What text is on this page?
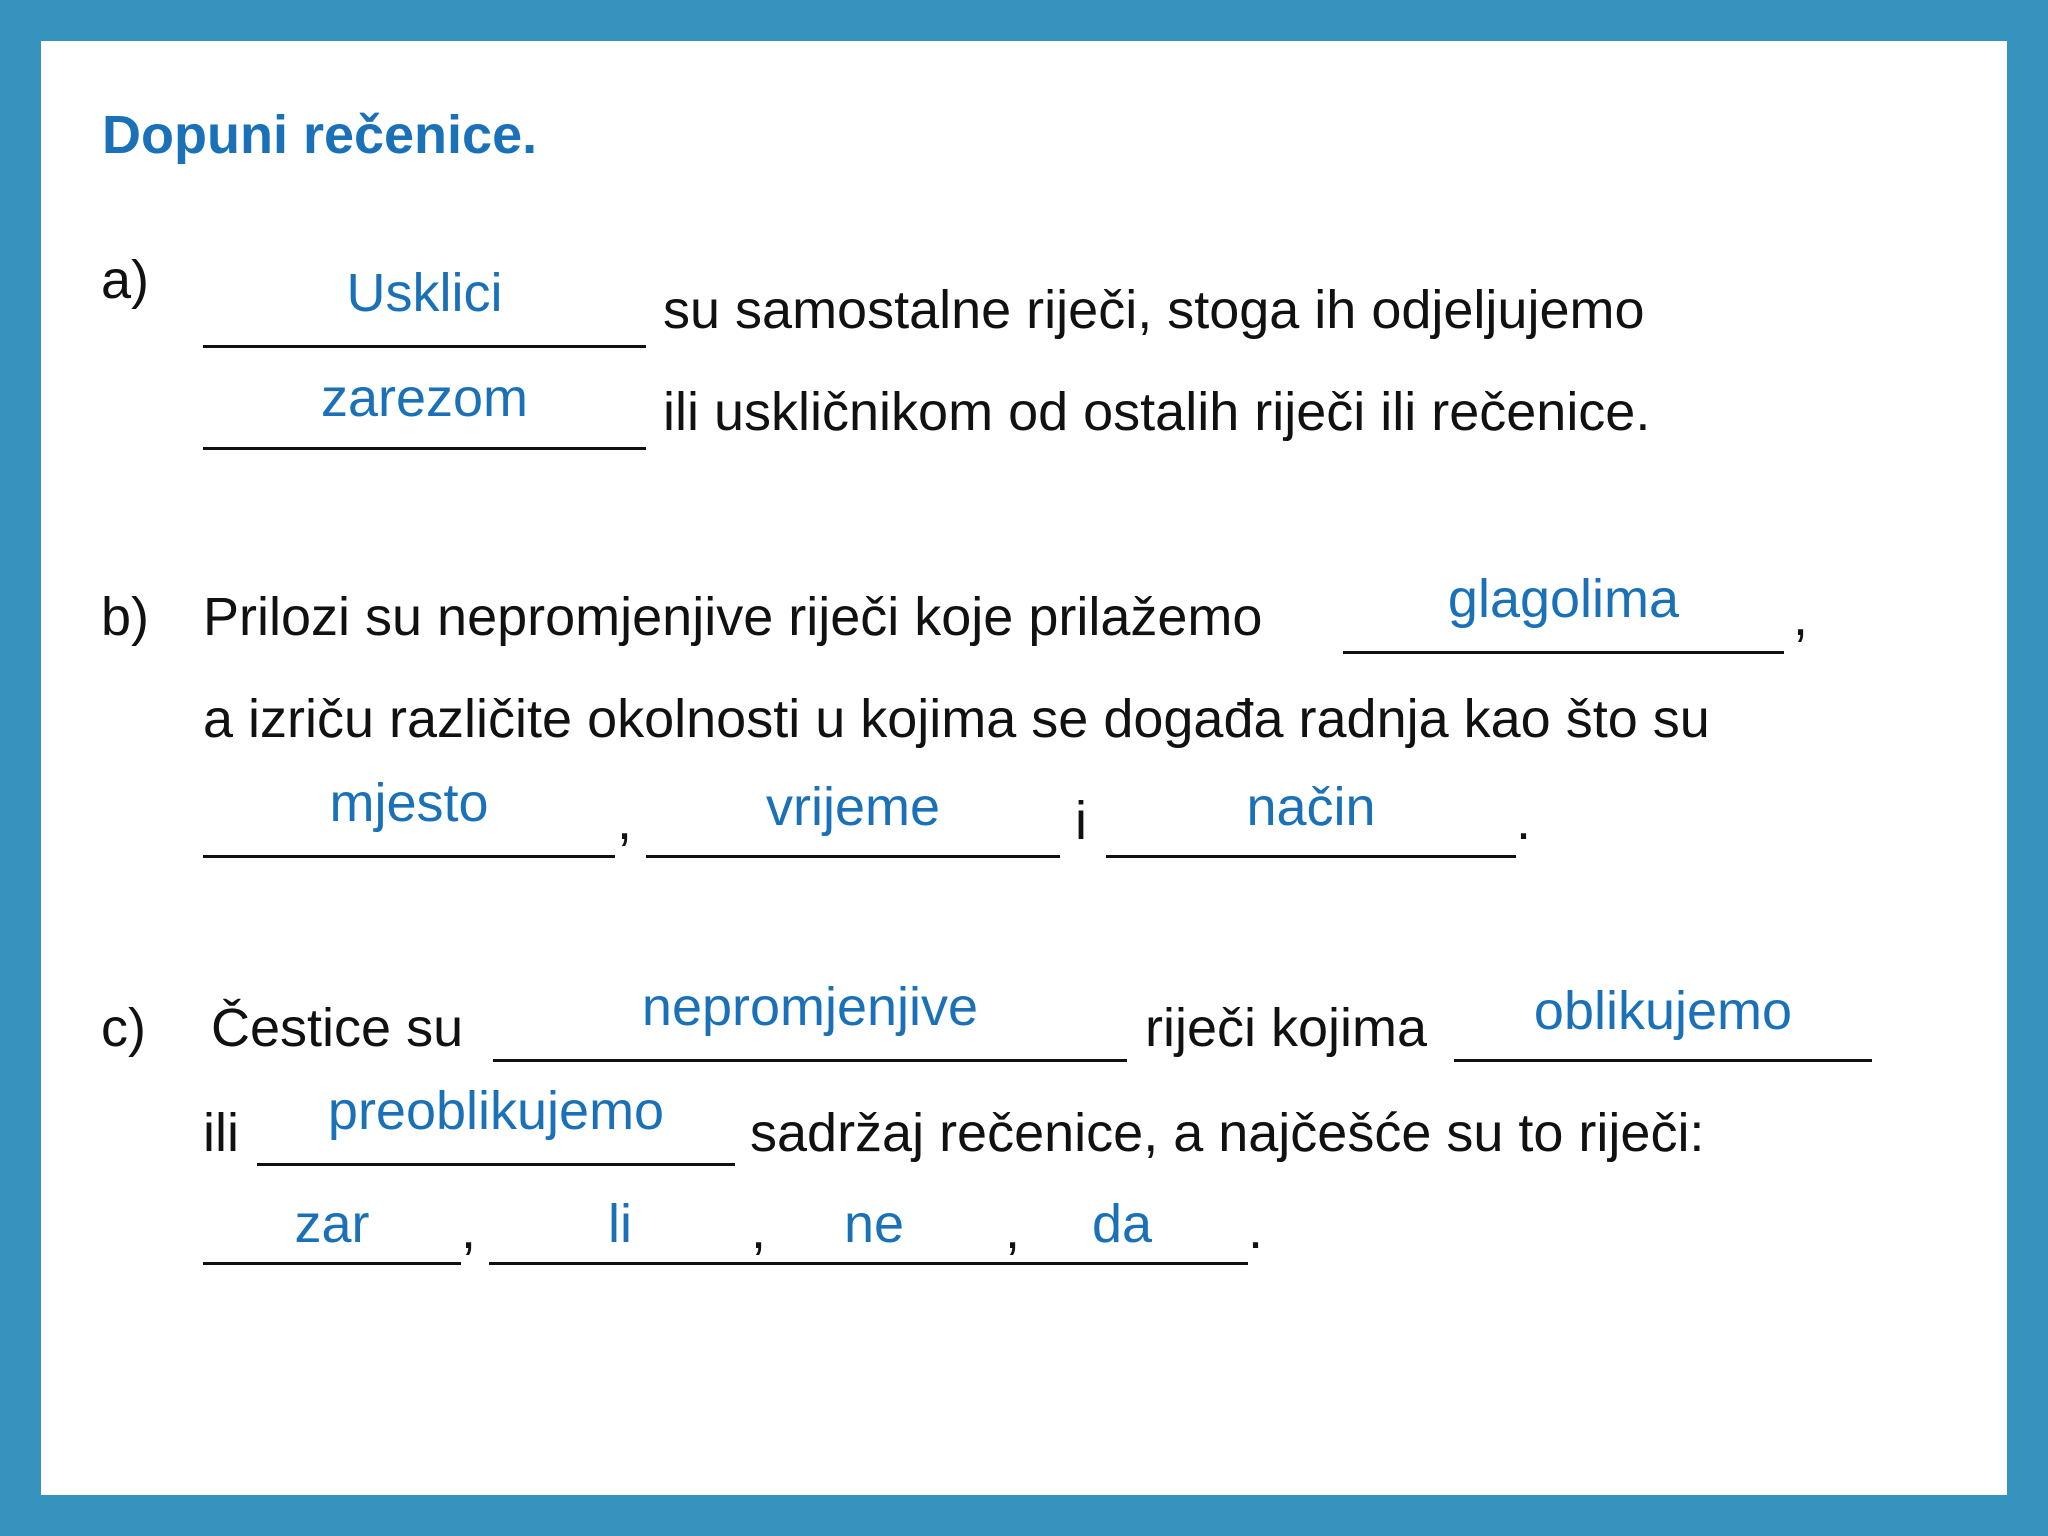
Dopuni rečenice.
a)	Usklici	su samostalne riječi, stoga ih odjeljujemo
zarezom	ili uskličnikom od ostalih riječi ili rečenice.
b) Prilozi su nepromjenjive riječi koje prilažemo	glagolima	,
a izriču različite okolnosti u kojima se događa radnja kao što su
mjesto	,	vrijeme	i	način	.
c) Čestice su	nepromjenjive	riječi kojima	oblikujemo
ili	preoblikujemo	sadržaj rečenice, a najčešće su to riječi:
zar	,	li	,	ne	,	da	.
